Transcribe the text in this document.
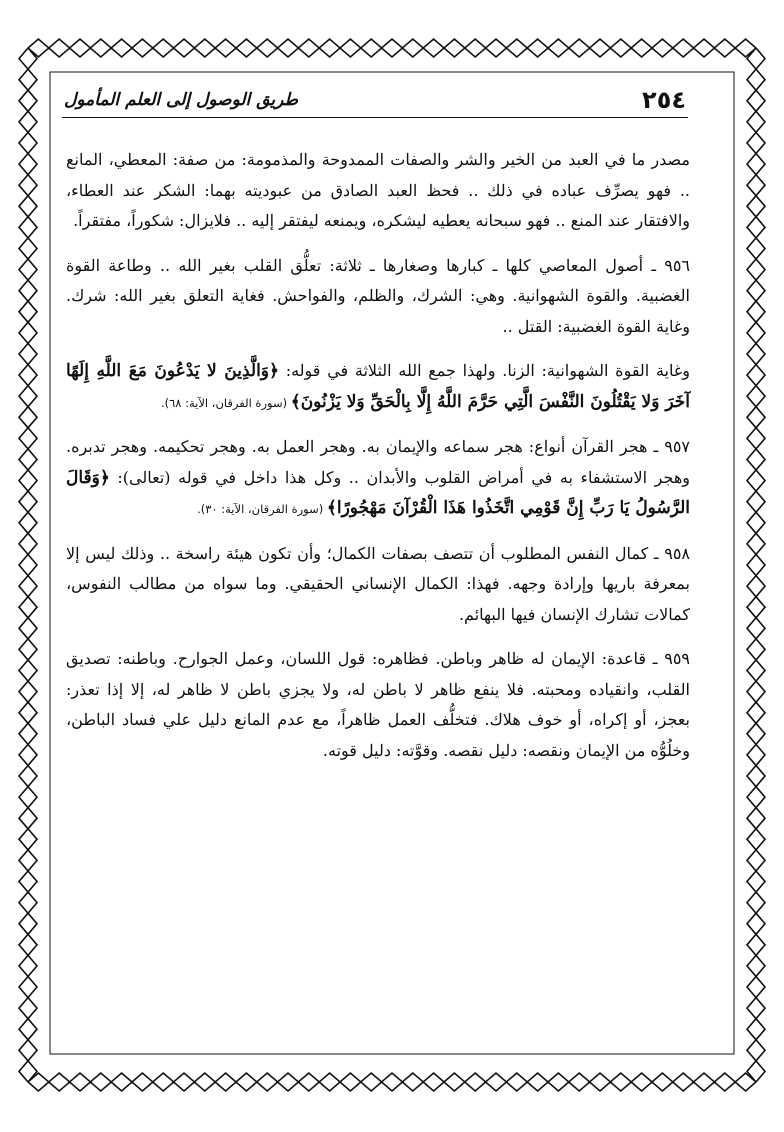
٢٥٤
طريق الوصول إلى العلم المأمول

مصدر ما في العبد من الخير والشر والصفات الممدوحة والمذمومة: من صفة: المعطي، المانع .. فهو يصرِّف عباده في ذلك .. فحظ العبد الصادق من عبوديته بهما: الشكر عند العطاء، والافتقار عند المنع .. فهو سبحانه يعطيه ليشكره، ويمنعه ليفتقر إليه .. فلايزال: شكوراً، مفتقراً.

٩٥٦ ـ أصول المعاصي كلها ـ كبارها وصغارها ـ ثلاثة: تعلُّق القلب بغير الله .. وطاعة القوة الغضبية. والقوة الشهوانية. وهي: الشرك، والظلم، والفواحش. فغاية التعلق بغير الله: شرك. وغاية القوة الغضبية: القتل ..

وغاية القوة الشهوانية: الزنا. ولهذا جمع الله الثلاثة في قوله: ﴿وَالَّذِينَ لا يَدْعُونَ مَعَ اللَّهِ إِلَهًا آخَرَ وَلا يَقْتُلُونَ النَّفْسَ الَّتِي حَرَّمَ اللَّهُ إِلَّا بِالْحَقِّ وَلا يَزْنُونَ﴾ (سورة الفرقان، الآية: ٦٨).

٩٥٧ ـ هجر القرآن أنواع: هجر سماعه والإيمان به. وهجر العمل به. وهجر تحكيمه. وهجر تدبره. وهجر الاستشفاء به في أمراض القلوب والأبدان .. وكل هذا داخل في قوله (تعالى): ﴿وَقَالَ الرَّسُولُ يَا رَبِّ إِنَّ قَوْمِي اتَّخَذُوا هَذَا الْقُرْآنَ مَهْجُورًا﴾ (سورة الفرقان، الآية: ٣٠).

٩٥٨ ـ كمال النفس المطلوب أن تتصف بصفات الكمال؛ وأن تكون هيئة راسخة .. وذلك ليس إلا بمعرفة باريها وإرادة وجهه. فهذا: الكمال الإنساني الحقيقي. وما سواه من مطالب النفوس، كمالات تشارك الإنسان فيها البهائم.

٩٥٩ ـ قاعدة: الإيمان له ظاهر وباطن. فظاهره: قول اللسان، وعمل الجوارح. وباطنه: تصديق القلب، وانقياده ومحبته. فلا ينفع ظاهر لا باطن له، ولا يجزي باطن لا ظاهر له، إلا إذا تعذر: بعجز، أو إكراه، أو خوف هلاك. فتخلُّف العمل ظاهراً، مع عدم المانع دليل علي فساد الباطن، وخلُوُّه من الإيمان ونقصه: دليل نقصه. وقوَّته: دليل قوته.
